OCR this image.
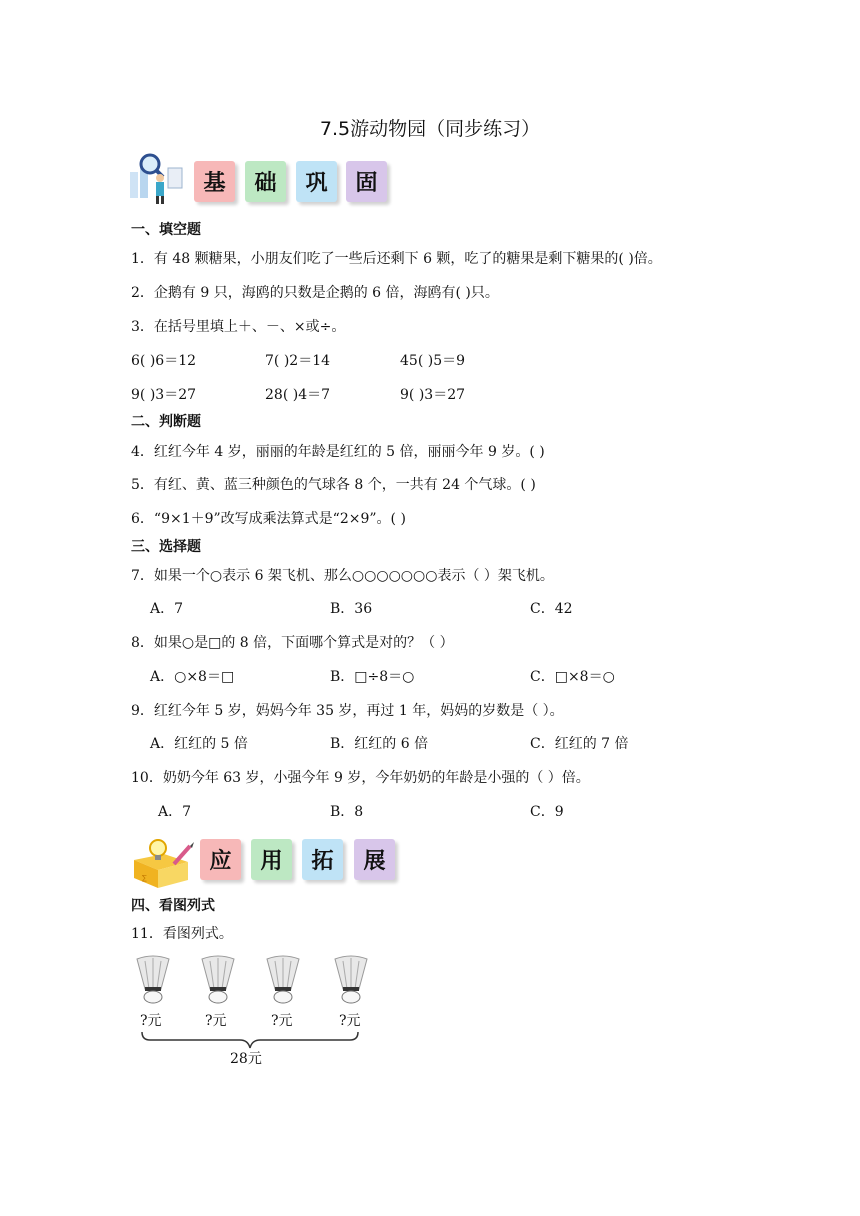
7.5游动物园（同步练习）
基	础	巩	固
一、填空题
1．有 48 颗糖果，小朋友们吃了一些后还剩下 6 颗，吃了的糖果是剩下糖果的( )倍。
2．企鹅有 9 只，海鸥的只数是企鹅的 6 倍，海鸥有( )只。
3．在括号里填上＋、－、×或÷。
6( )6＝12	7( )2＝14	45( )5＝9
9( )3＝27	28( )4＝7	9( )3＝27
二、判断题
4．红红今年 4 岁，丽丽的年龄是红红的 5 倍，丽丽今年 9 岁。( )
5．有红、黄、蓝三种颜色的气球各 8 个，一共有 24 个气球。( )
6．“9×1＋9”改写成乘法算式是“2×9”。( )
三、选择题
7．如果一个○表示 6 架飞机、那么○○○○○○○表示（ ）架飞机。
A．7	B．36	C．42
8．如果○是□的 8 倍，下面哪个算式是对的？（ ）
A．○×8＝□	B．□÷8＝○	C．□×8＝○
9．红红今年 5 岁，妈妈今年 35 岁，再过 1 年，妈妈的岁数是（ ）。
A．红红的 5 倍	B．红红的 6 倍	C．红红的 7 倍
10．奶奶今年 63 岁，小强今年 9 岁，今年奶奶的年龄是小强的（ ）倍。
A．7	B．8	C．9
∑
应	用	拓	展
四、看图列式
11．看图列式。
?元	?元	?元	?元
28元
